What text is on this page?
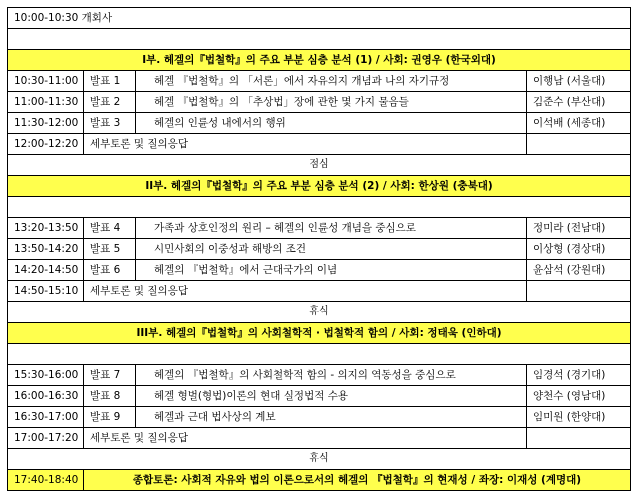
10:00-10:30 개회사			

I부. 헤겔의『법철학』의 주요 부분 심층 분석 (1) / 사회: 권영우 (한국외대)			
10:30-11:00	발표 1	헤겔 『법철학』의 「서론」에서 자유의지 개념과 나의 자기규정	이행남 (서울대)
11:00-11:30	발표 2	헤겔 『법철학』의 「추상법」장에 관한 몇 가지 물음들	김준수 (부산대)
11:30-12:00	발표 3	헤겔의 인륜성 내에서의 행위	이석배 (세종대)
12:00-12:20	세부토론 및 질의응답		
점심			
II부. 헤겔의『법철학』의 주요 부분 심층 분석 (2) / 사회: 한상원 (충북대)			

13:20-13:50	발표 4	가족과 상호인정의 원리 – 헤겔의 인륜성 개념을 중심으로	정미라 (전남대)
13:50-14:20	발표 5	시민사회의 이중성과 해방의 조건	이상형 (경상대)
14:20-14:50	발표 6	헤겔의 『법철학』에서 근대국가의 이념	윤삼석 (강원대)
14:50-15:10	세부토론 및 질의응답		
휴식			
III부. 헤겔의『법철학』의 사회철학적 · 법철학적 함의 / 사회: 정태욱 (인하대)			

15:30-16:00	발표 7	헤겔의 『법철학』의 사회철학적 함의 - 의지의 역동성을 중심으로	임경석 (경기대)
16:00-16:30	발표 8	헤겔 형벌(형법)이론의 현대 실정법적 수용	양천수 (영남대)
16:30-17:00	발표 9	헤겔과 근대 법사상의 계보	임미원 (한양대)
17:00-17:20	세부토론 및 질의응답		
휴식			
17:40-18:40	종합토론: 사회적 자유와 법의 이론으로서의 헤겔의 『법철학』의 현재성 / 좌장: 이재성 (계명대)		
